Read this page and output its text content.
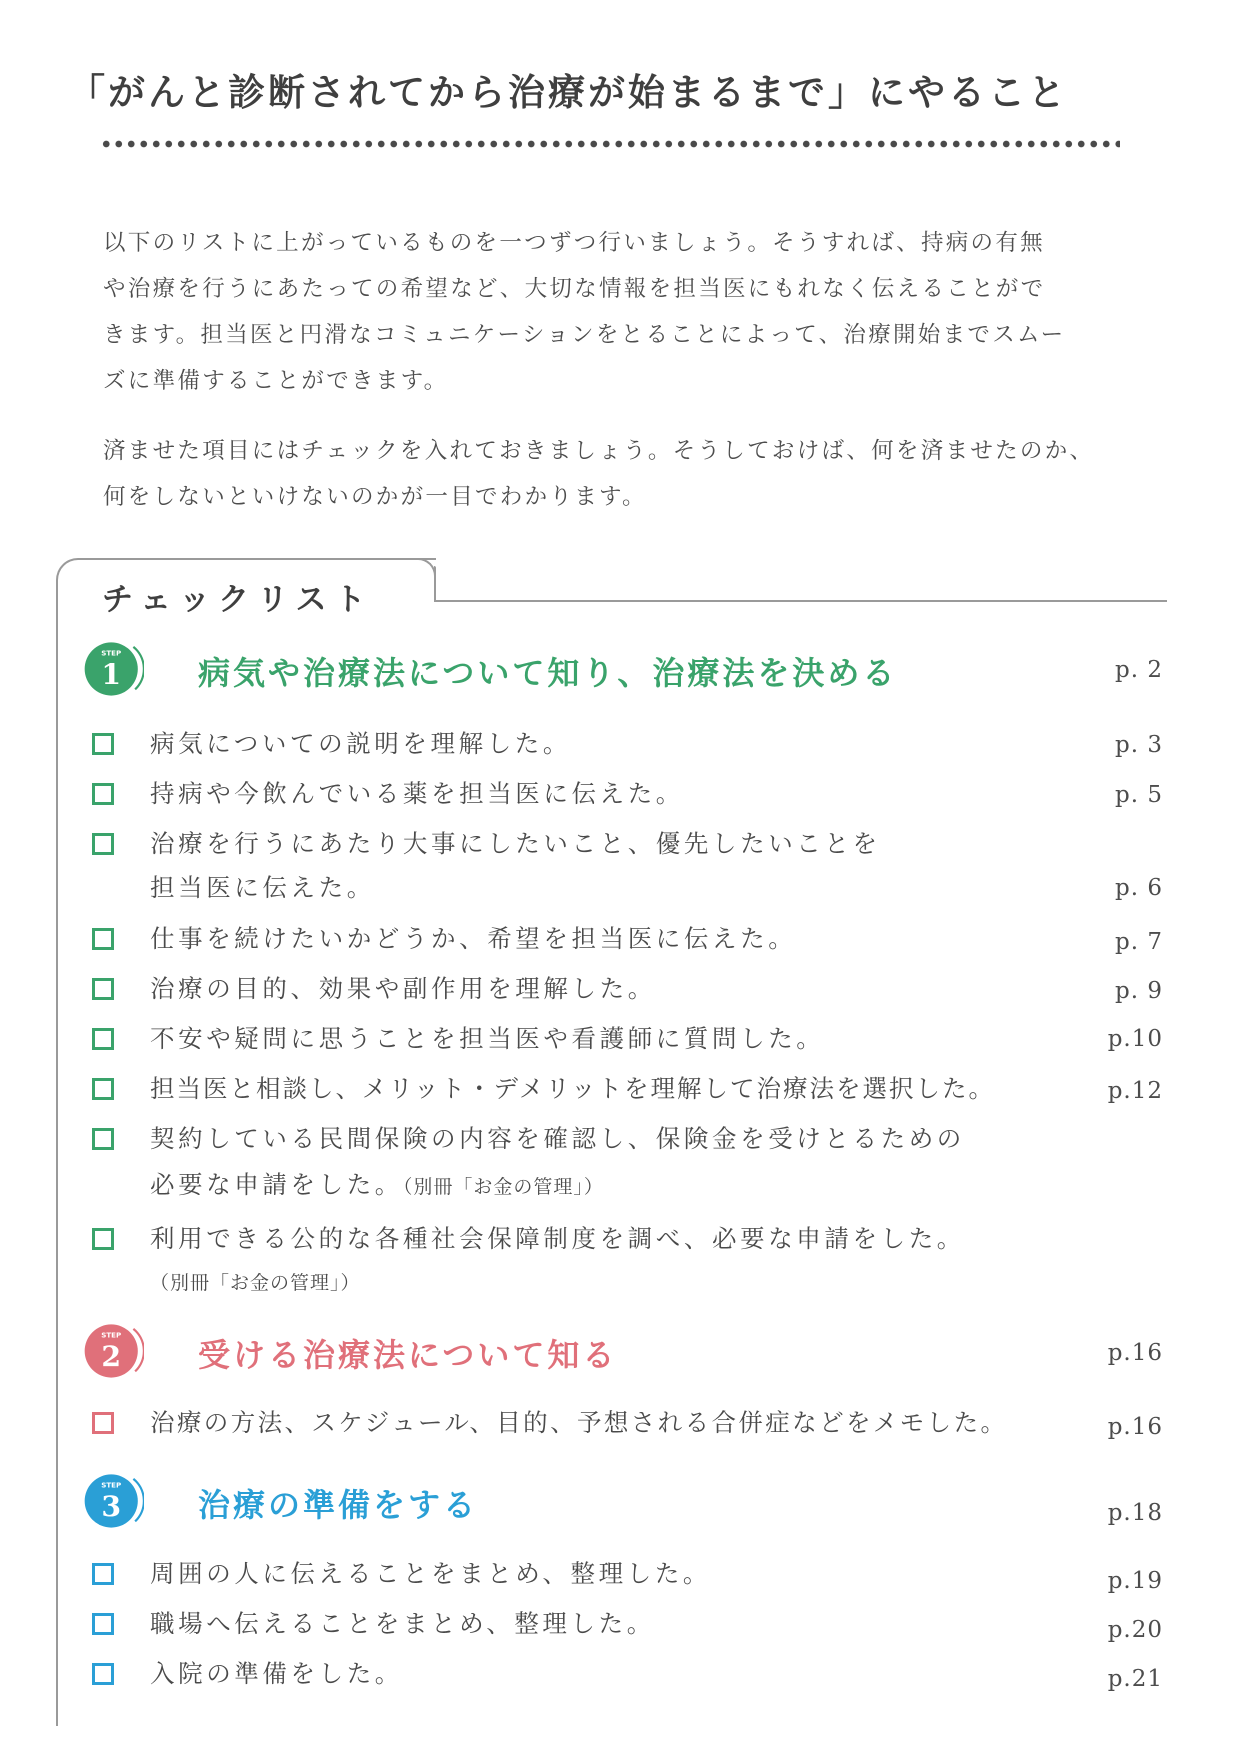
「がんと診断されてから治療が始まるまで」にやること

以下のリストに上がっているものを一つずつ行いましょう。そうすれば、持病の有無

や治療を行うにあたっての希望など、大切な情報を担当医にもれなく伝えることがで

きます。担当医と円滑なコミュニケーションをとることによって、治療開始までスムー

ズに準備することができます。

済ませた項目にはチェックを入れておきましょう。そうしておけば、何を済ませたのか、

何をしないといけないのかが一目でわかります。

チェックリスト
STEP
1 病気や治療法について知り、治療法を決める	p. 2
病気についての説明を理解した。	p. 3
持病や今飲んでいる薬を担当医に伝えた。	p. 5
治療を行うにあたり大事にしたいこと、優先したいことを
担当医に伝えた。	p. 6
仕事を続けたいかどうか、希望を担当医に伝えた。	p. 7
治療の目的、効果や副作用を理解した。	p. 9
不安や疑問に思うことを担当医や看護師に質問した。	p.10
担当医と相談し、メリット・デメリットを理解して治療法を選択した。	p.12
契約している民間保険の内容を確認し、保険金を受けとるための
必要な申請をした。（別冊「お金の管理」）
利用できる公的な各種社会保障制度を調べ、必要な申請をした。
（別冊「お金の管理」）
STEP
2 受ける治療法について知る	p.16
治療の方法、スケジュール、目的、予想される合併症などをメモした。	p.16
STEP
3 治療の準備をする	p.18
周囲の人に伝えることをまとめ、整理した。	p.19
職場へ伝えることをまとめ、整理した。	p.20
入院の準備をした。	p.21
